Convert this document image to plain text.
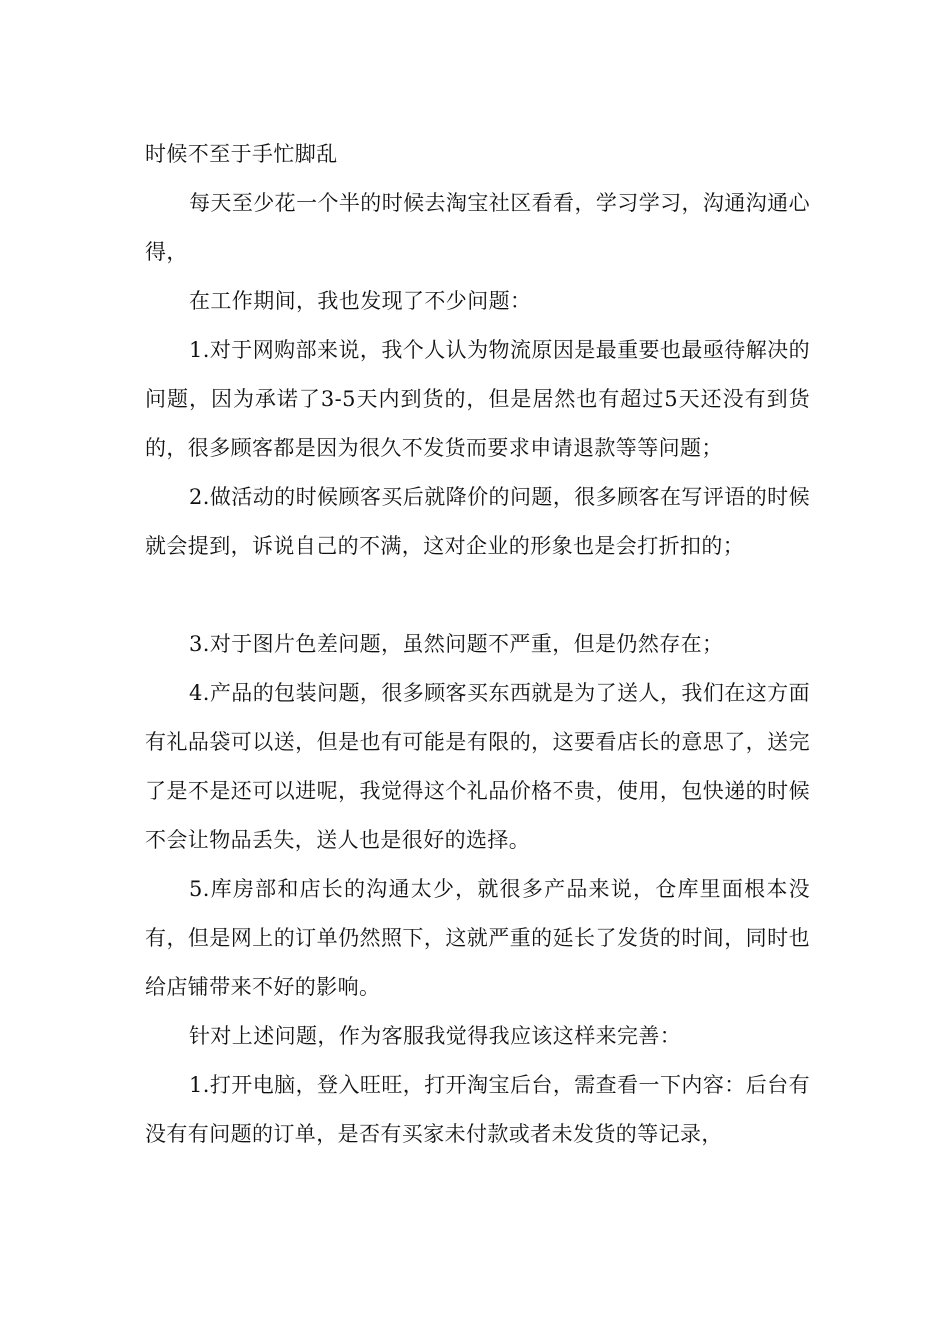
时候不至于手忙脚乱

每天至少花一个半的时候去淘宝社区看看，学习学习，沟通沟通心得，

在工作期间，我也发现了不少问题：

1.对于网购部来说，我个人认为物流原因是最重要也最亟待解决的问题，因为承诺了3-5天内到货的，但是居然也有超过5天还没有到货的，很多顾客都是因为很久不发货而要求申请退款等等问题；

2.做活动的时候顾客买后就降价的问题，很多顾客在写评语的时候就会提到，诉说自己的不满，这对企业的形象也是会打折扣的；

3.对于图片色差问题，虽然问题不严重，但是仍然存在；

4.产品的包装问题，很多顾客买东西就是为了送人，我们在这方面有礼品袋可以送，但是也有可能是有限的，这要看店长的意思了，送完了是不是还可以进呢，我觉得这个礼品价格不贵，使用，包快递的时候不会让物品丢失，送人也是很好的选择。

5.库房部和店长的沟通太少，就很多产品来说，仓库里面根本没有，但是网上的订单仍然照下，这就严重的延长了发货的时间，同时也给店铺带来不好的影响。

针对上述问题，作为客服我觉得我应该这样来完善：

1.打开电脑，登入旺旺，打开淘宝后台，需查看一下内容：后台有没有有问题的订单，是否有买家未付款或者未发货的等记录，
